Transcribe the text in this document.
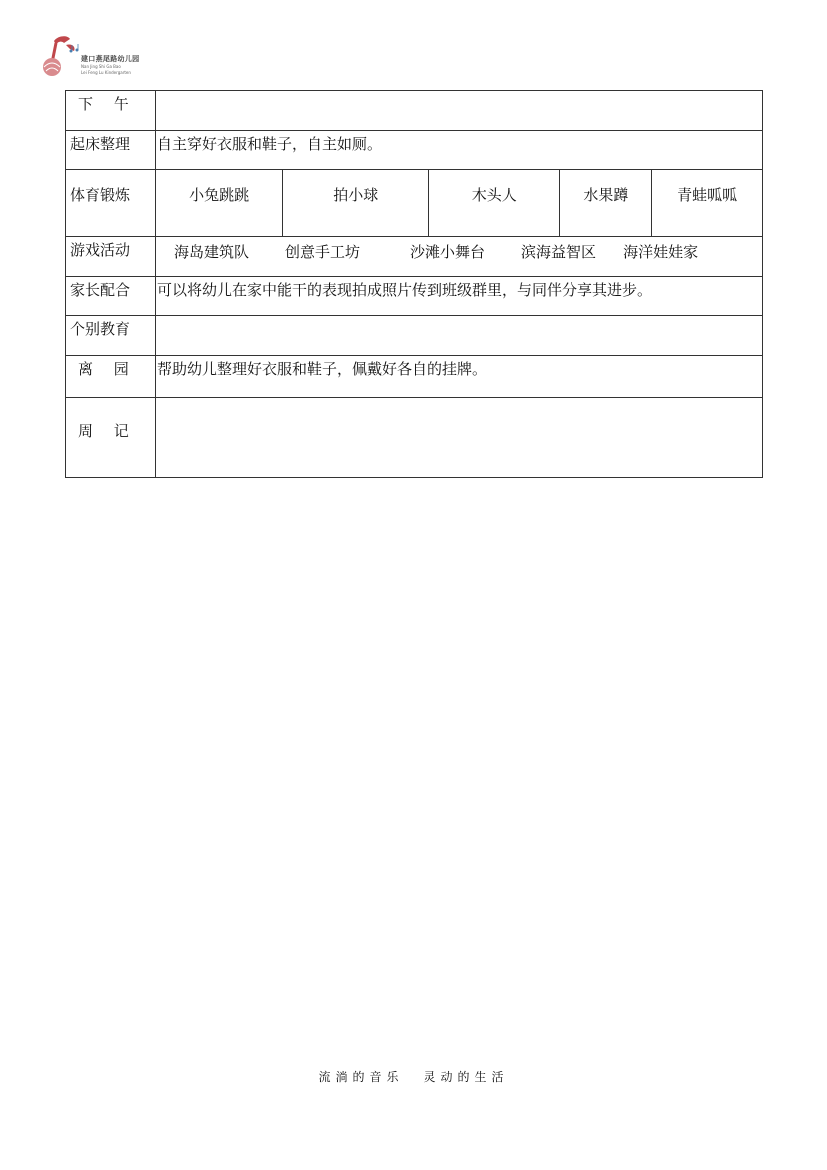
建口燕尾路幼儿园
Nan Jing Shi Ga Bao
Lei Feng Lu Kindergarten
下 午	
起床整理	自主穿好衣服和鞋子，自主如厕。
体育锻炼	小兔跳跳 拍小球 木头人 水果蹲 青蛙呱呱

游戏活动	海岛建筑队 创意手工坊 沙滩小舞台 滨海益智区 海洋娃娃家

家长配合	可以将幼儿在家中能干的表现拍成照片传到班级群里，与同伴分享其进步。
个别教育	
离 园	帮助幼儿整理好衣服和鞋子，佩戴好各自的挂牌。
周 记	
流淌的音乐 灵动的生活
